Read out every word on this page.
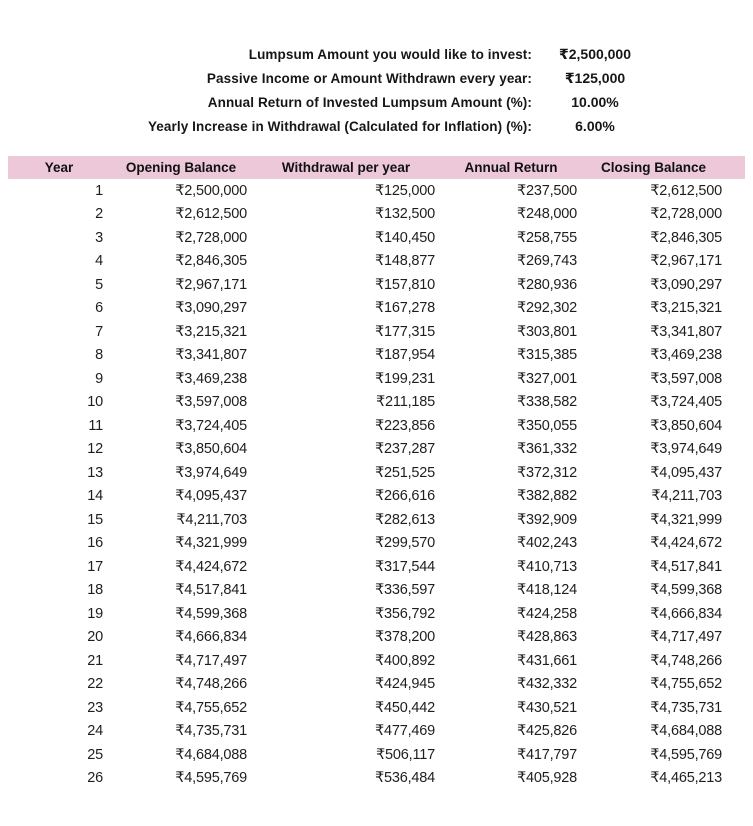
Lumpsum Amount you would like to invest:	₹2,500,000
Passive Income or Amount Withdrawn every year:	₹125,000
Annual Return of Invested Lumpsum Amount (%):	10.00%
Yearly Increase in Withdrawal (Calculated for Inflation) (%):	6.00%
Year	Opening Balance	Withdrawal per year	Annual Return	Closing Balance
1	₹2,500,000	₹125,000	₹237,500	₹2,612,500
2	₹2,612,500	₹132,500	₹248,000	₹2,728,000
3	₹2,728,000	₹140,450	₹258,755	₹2,846,305
4	₹2,846,305	₹148,877	₹269,743	₹2,967,171
5	₹2,967,171	₹157,810	₹280,936	₹3,090,297
6	₹3,090,297	₹167,278	₹292,302	₹3,215,321
7	₹3,215,321	₹177,315	₹303,801	₹3,341,807
8	₹3,341,807	₹187,954	₹315,385	₹3,469,238
9	₹3,469,238	₹199,231	₹327,001	₹3,597,008
10	₹3,597,008	₹211,185	₹338,582	₹3,724,405
11	₹3,724,405	₹223,856	₹350,055	₹3,850,604
12	₹3,850,604	₹237,287	₹361,332	₹3,974,649
13	₹3,974,649	₹251,525	₹372,312	₹4,095,437
14	₹4,095,437	₹266,616	₹382,882	₹4,211,703
15	₹4,211,703	₹282,613	₹392,909	₹4,321,999
16	₹4,321,999	₹299,570	₹402,243	₹4,424,672
17	₹4,424,672	₹317,544	₹410,713	₹4,517,841
18	₹4,517,841	₹336,597	₹418,124	₹4,599,368
19	₹4,599,368	₹356,792	₹424,258	₹4,666,834
20	₹4,666,834	₹378,200	₹428,863	₹4,717,497
21	₹4,717,497	₹400,892	₹431,661	₹4,748,266
22	₹4,748,266	₹424,945	₹432,332	₹4,755,652
23	₹4,755,652	₹450,442	₹430,521	₹4,735,731
24	₹4,735,731	₹477,469	₹425,826	₹4,684,088
25	₹4,684,088	₹506,117	₹417,797	₹4,595,769
26	₹4,595,769	₹536,484	₹405,928	₹4,465,213
